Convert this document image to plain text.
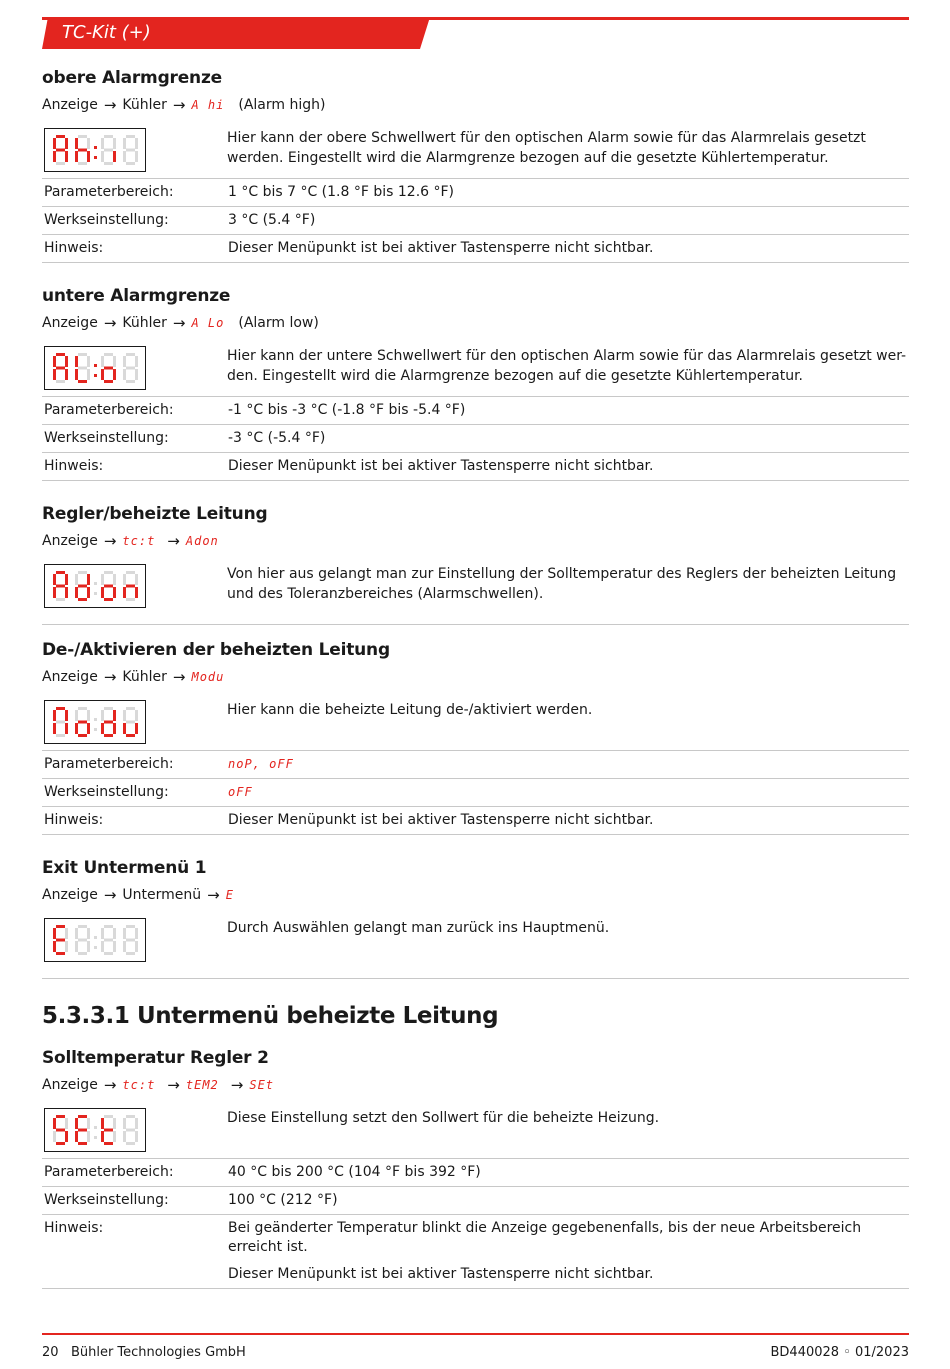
TC-Kit (+)
obere Alarmgrenze
Anzeige → Kühler → A hi (Alarm high)
Hier kann der obere Schwellwert für den optischen Alarm sowie für das Alarmrelais gesetzt werden. Eingestellt wird die Alarmgrenze bezogen auf die gesetzte Kühlertemperatur.
Parameterbereich:	1 °C bis 7 °C (1.8 °F bis 12.6 °F)
Werkseinstellung:	3 °C (5.4 °F)
Hinweis:	Dieser Menüpunkt ist bei aktiver Tastensperre nicht sichtbar.
untere Alarmgrenze
Anzeige → Kühler → A Lo (Alarm low)
Hier kann der untere Schwellwert für den optischen Alarm sowie für das Alarmrelais gesetzt wer-den. Eingestellt wird die Alarmgrenze bezogen auf die gesetzte Kühlertemperatur.
Parameterbereich:	-1 °C bis -3 °C (-1.8 °F bis -5.4 °F)
Werkseinstellung:	-3 °C (-5.4 °F)
Hinweis:	Dieser Menüpunkt ist bei aktiver Tastensperre nicht sichtbar.
Regler/beheizte Leitung
Anzeige → tc:t → Adon
Von hier aus gelangt man zur Einstellung der Solltemperatur des Reglers der beheizten Leitung und des Toleranzbereiches (Alarmschwellen).
De-/Aktivieren der beheizten Leitung
Anzeige → Kühler → Modu
Hier kann die beheizte Leitung de-/aktiviert werden.
Parameterbereich:	noP, oFF
Werkseinstellung:	oFF
Hinweis:	Dieser Menüpunkt ist bei aktiver Tastensperre nicht sichtbar.
Exit Untermenü 1
Anzeige → Untermenü → E
Durch Auswählen gelangt man zurück ins Hauptmenü.
5.3.3.1 Untermenü beheizte Leitung
Solltemperatur Regler 2
Anzeige → tc:t → tEM2 → SEt
Diese Einstellung setzt den Sollwert für die beheizte Heizung.
Parameterbereich:	40 °C bis 200 °C (104 °F bis 392 °F)
Werkseinstellung:	100 °C (212 °F)
Hinweis:	Bei geänderter Temperatur blinkt die Anzeige gegebenenfalls, bis der neue Arbeitsbereich erreicht ist.
	Dieser Menüpunkt ist bei aktiver Tastensperre nicht sichtbar.
20   Bühler Technologies GmbH	BD440028 ◦ 01/2023
